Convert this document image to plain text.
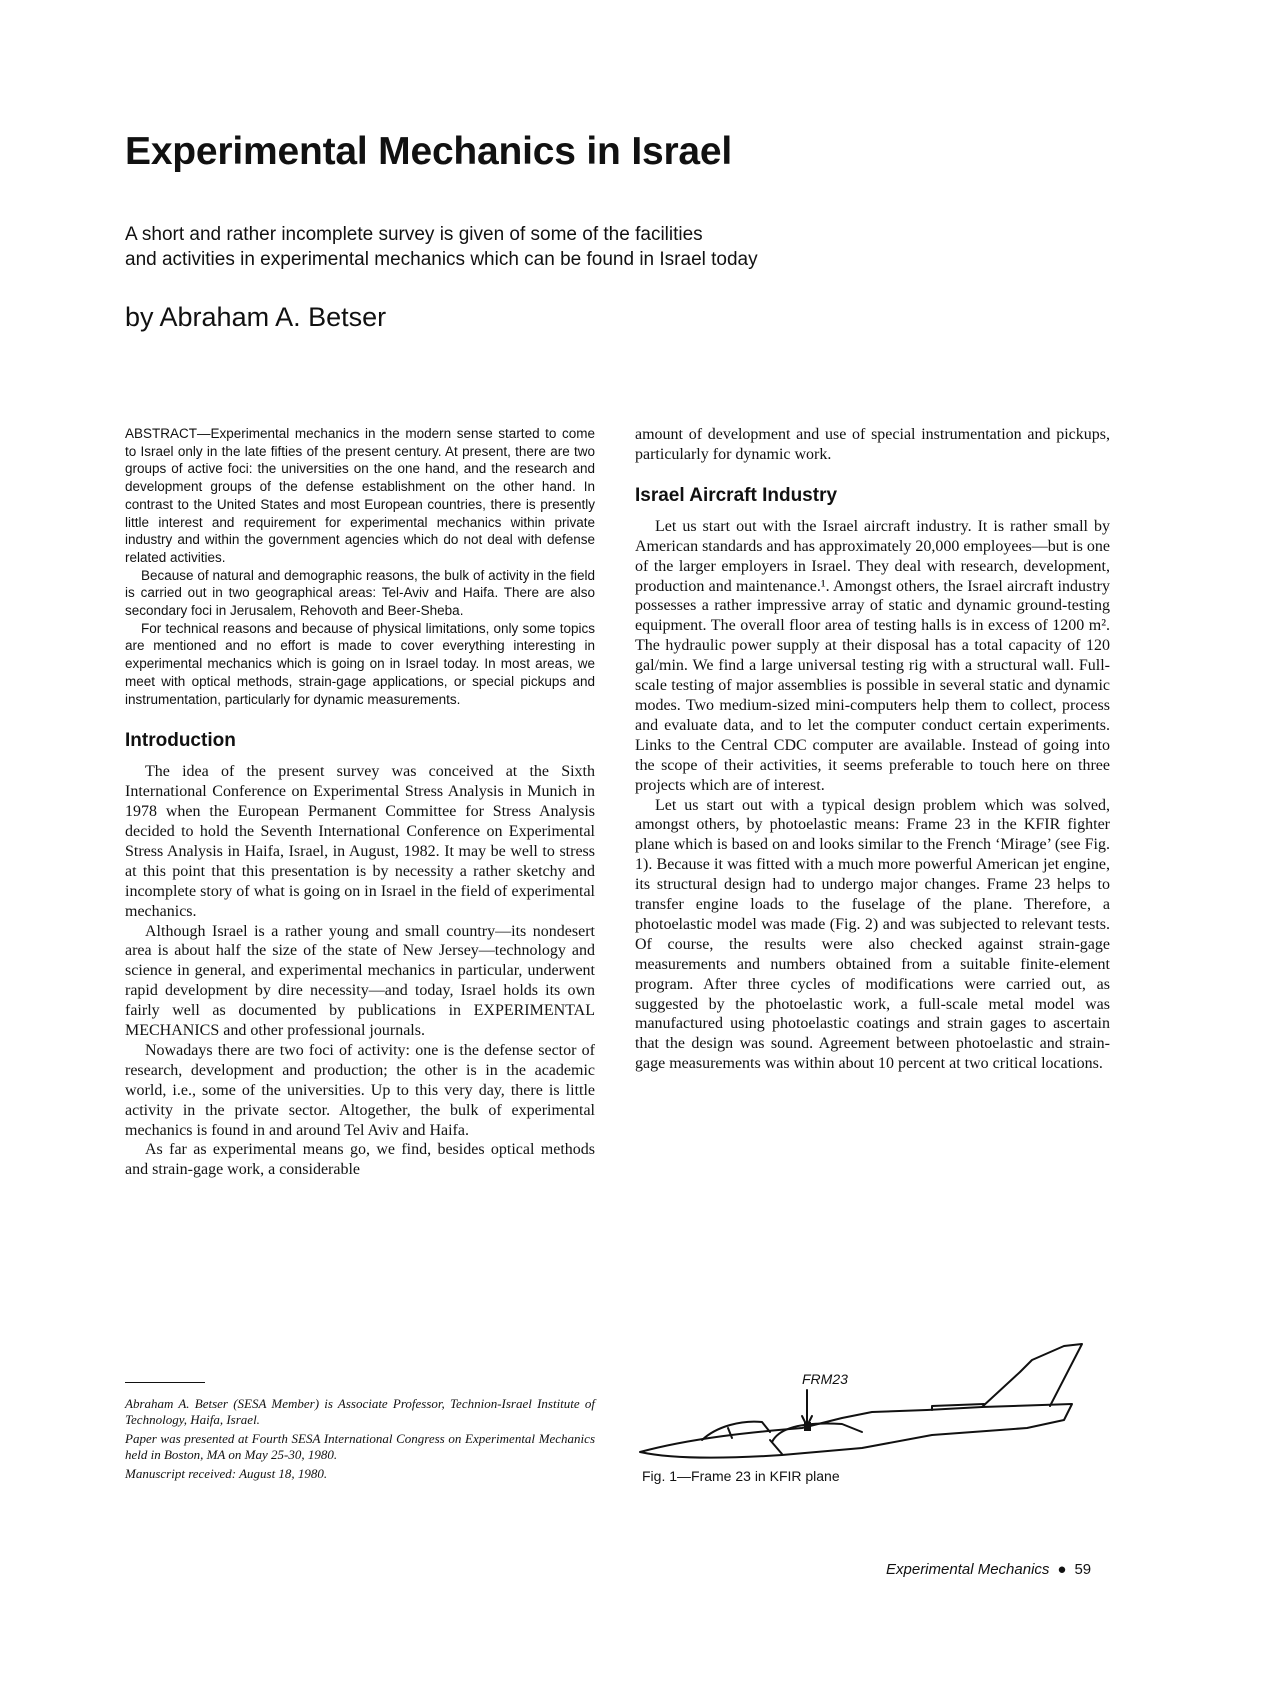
Experimental Mechanics in Israel
A short and rather incomplete survey is given of some of the facilities
and activities in experimental mechanics which can be found in Israel today
by Abraham A. Betser

ABSTRACT—Experimental mechanics in the modern sense started to come to Israel only in the late fifties of the present century. At present, there are two groups of active foci: the universities on the one hand, and the research and development groups of the defense establishment on the other hand. In contrast to the United States and most European countries, there is presently little interest and requirement for experimental mechanics within private industry and within the government agencies which do not deal with defense related activities.

Because of natural and demographic reasons, the bulk of activity in the field is carried out in two geographical areas: Tel-Aviv and Haifa. There are also secondary foci in Jerusalem, Rehovoth and Beer-Sheba.

For technical reasons and because of physical limitations, only some topics are mentioned and no effort is made to cover everything interesting in experimental mechanics which is going on in Israel today. In most areas, we meet with optical methods, strain-gage applications, or special pickups and instrumentation, particularly for dynamic measurements.

Introduction

The idea of the present survey was conceived at the Sixth International Conference on Experimental Stress Analysis in Munich in 1978 when the European Permanent Committee for Stress Analysis decided to hold the Seventh International Conference on Experimental Stress Analysis in Haifa, Israel, in August, 1982. It may be well to stress at this point that this presentation is by necessity a rather sketchy and incomplete story of what is going on in Israel in the field of experimental mechanics.

Although Israel is a rather young and small country—its nondesert area is about half the size of the state of New Jersey—technology and science in general, and experimental mechanics in particular, underwent rapid development by dire necessity—and today, Israel holds its own fairly well as documented by publications in EXPERIMENTAL MECHANICS and other professional journals.

Nowadays there are two foci of activity: one is the defense sector of research, development and production; the other is in the academic world, i.e., some of the universities. Up to this very day, there is little activity in the private sector. Altogether, the bulk of experimental mechanics is found in and around Tel Aviv and Haifa.

As far as experimental means go, we find, besides optical methods and strain-gage work, a considerable

amount of development and use of special instrumentation and pickups, particularly for dynamic work.

Israel Aircraft Industry

Let us start out with the Israel aircraft industry. It is rather small by American standards and has approximately 20,000 employees—but is one of the larger employers in Israel. They deal with research, development, production and maintenance.¹. Amongst others, the Israel aircraft industry possesses a rather impressive array of static and dynamic ground-testing equipment. The overall floor area of testing halls is in excess of 1200 m². The hydraulic power supply at their disposal has a total capacity of 120 gal/min. We find a large universal testing rig with a structural wall. Full-scale testing of major assemblies is possible in several static and dynamic modes. Two medium-sized mini-computers help them to collect, process and evaluate data, and to let the computer conduct certain experiments. Links to the Central CDC computer are available. Instead of going into the scope of their activities, it seems preferable to touch here on three projects which are of interest.

Let us start out with a typical design problem which was solved, amongst others, by photoelastic means: Frame 23 in the KFIR fighter plane which is based on and looks similar to the French ‘Mirage’ (see Fig. 1). Because it was fitted with a much more powerful American jet engine, its structural design had to undergo major changes. Frame 23 helps to transfer engine loads to the fuselage of the plane. Therefore, a photoelastic model was made (Fig. 2) and was subjected to relevant tests. Of course, the results were also checked against strain-gage measurements and numbers obtained from a suitable finite-element program. After three cycles of modifications were carried out, as suggested by the photoelastic work, a full-scale metal model was manufactured using photoelastic coatings and strain gages to ascertain that the design was sound. Agreement between photoelastic and strain-gage measurements was within about 10 percent at two critical locations.

Abraham A. Betser (SESA Member) is Associate Professor, Technion-Israel Institute of Technology, Haifa, Israel.

Paper was presented at Fourth SESA International Congress on Experimental Mechanics held in Boston, MA on May 25-30, 1980.

Manuscript received: August 18, 1980.

FRM23
Fig. 1—Frame 23 in KFIR plane
Experimental Mechanics ● 59
